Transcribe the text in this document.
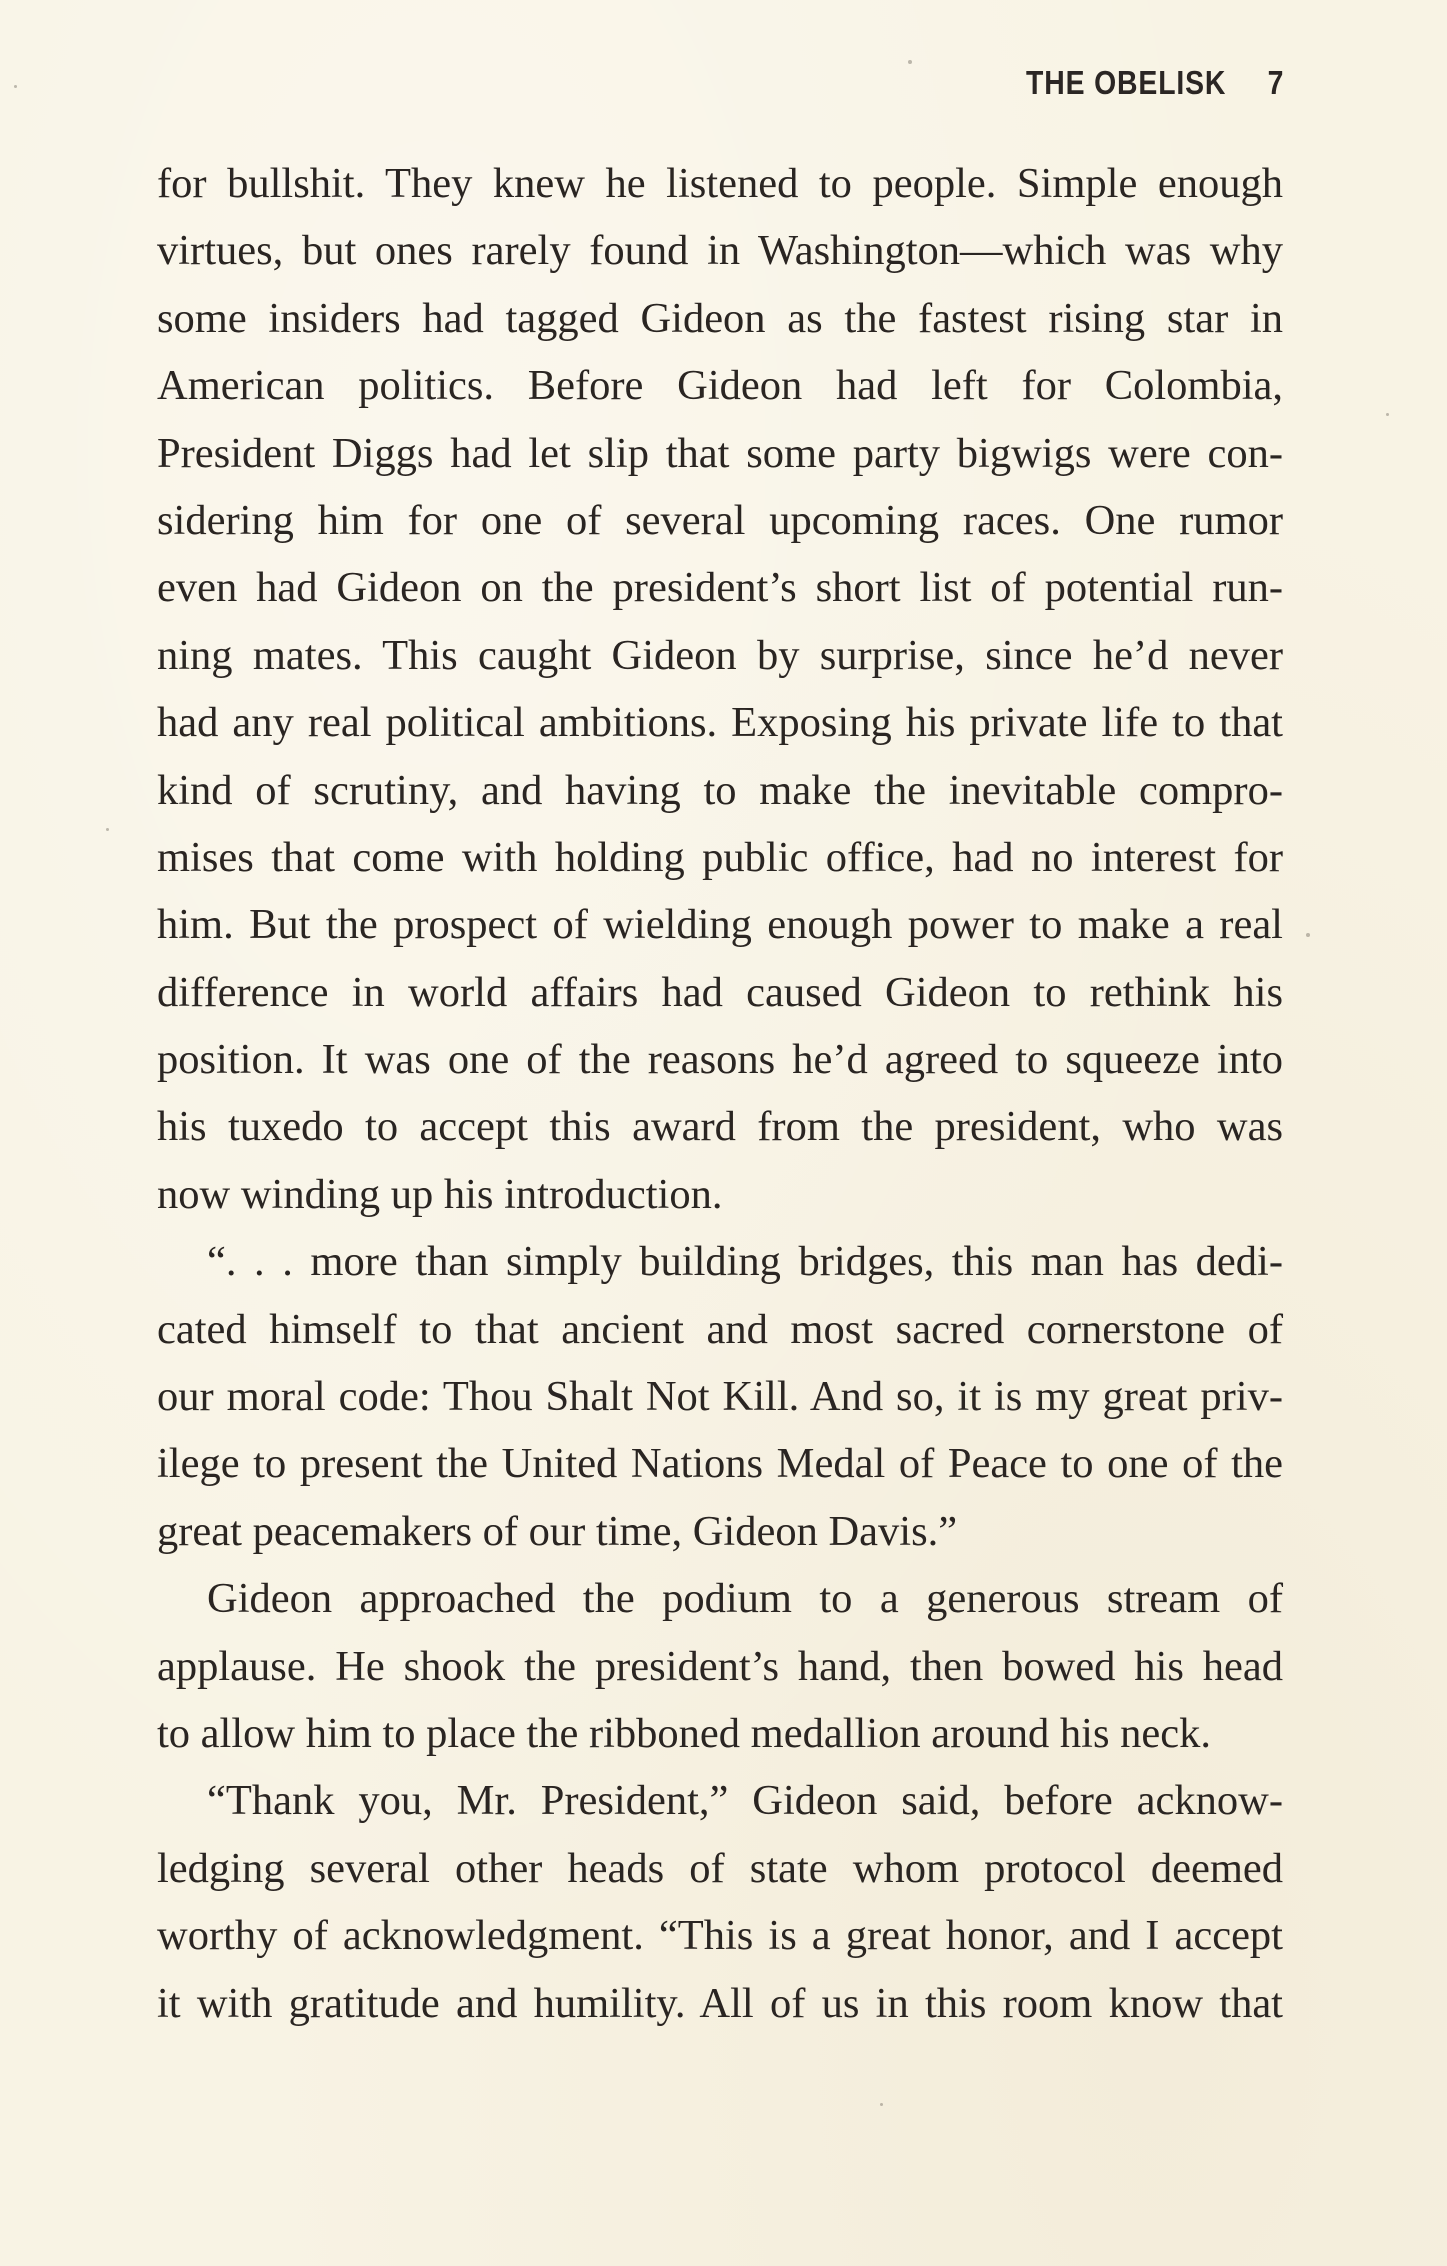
THE OBELISK 7
for bullshit. They knew he listened to people. Simple enough
virtues, but ones rarely found in Washington—which was why
some insiders had tagged Gideon as the fastest rising star in
American politics. Before Gideon had left for Colombia,
President Diggs had let slip that some party bigwigs were con-
sidering him for one of several upcoming races. One rumor
even had Gideon on the president’s short list of potential run-
ning mates. This caught Gideon by surprise, since he’d never
had any real political ambitions. Exposing his private life to that
kind of scrutiny, and having to make the inevitable compro-
mises that come with holding public office, had no interest for
him. But the prospect of wielding enough power to make a real
difference in world affairs had caused Gideon to rethink his
position. It was one of the reasons he’d agreed to squeeze into
his tuxedo to accept this award from the president, who was
now winding up his introduction.
“. . . more than simply building bridges, this man has dedi-
cated himself to that ancient and most sacred cornerstone of
our moral code: Thou Shalt Not Kill. And so, it is my great priv-
ilege to present the United Nations Medal of Peace to one of the
great peacemakers of our time, Gideon Davis.”
Gideon approached the podium to a generous stream of
applause. He shook the president’s hand, then bowed his head
to allow him to place the ribboned medallion around his neck.
“Thank you, Mr. President,” Gideon said, before acknow-
ledging several other heads of state whom protocol deemed
worthy of acknowledgment. “This is a great honor, and I accept
it with gratitude and humility. All of us in this room know that
